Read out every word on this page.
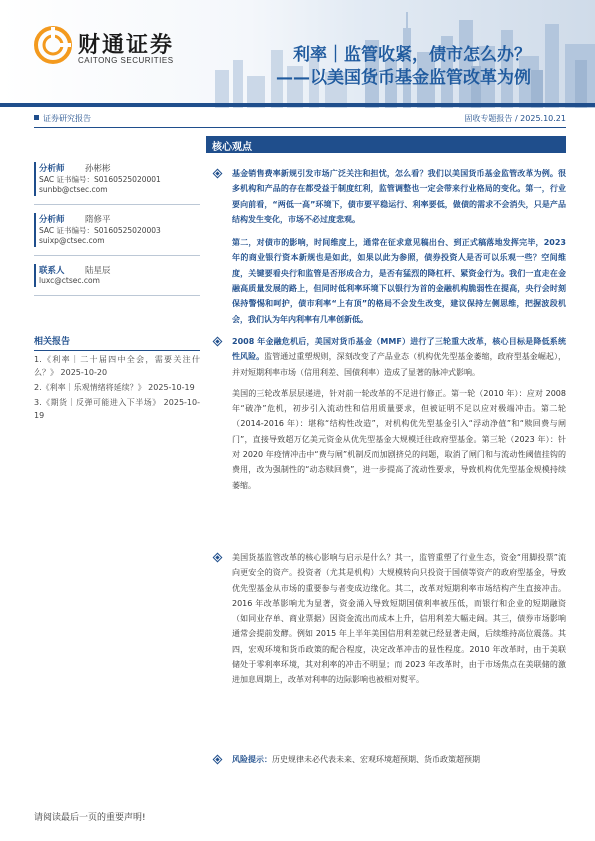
财通证券
CAITONG SECURITIES	利率｜监管收紧，债市怎么办？
——以美国货币基金监管改革为例
证券研究报告	固收专题报告 / 2025.10.21
分析师 孙彬彬
SAC 证书编号：S0160525020001
sunbb@ctsec.com
分析师 隋修平
SAC 证书编号：S0160525020003
suixp@ctsec.com
联系人 陆星辰
luxc@ctsec.com
相关报告
1.《利率｜二十届四中全会，需要关注什么？》 2025-10-20
2.《利率｜乐观情绪将延续？》 2025-10-19
3.《期货｜反弹可能进入下半场》 2025-10-19
核心观点
基金销售费率新规引发市场广泛关注和担忧，怎么看？我们以美国货币基金监管改革为例。很多机构和产品的存在都受益于制度红利，监管调整也一定会带来行业格局的变化。第一，行业要向前看，“两低一高”环境下，债市要平稳运行、利率要低，做债的需求不会消失，只是产品结构发生变化，市场不必过度悲观。
第二，对债市的影响，时间维度上，通常在征求意见稿出台、到正式稿落地发挥完毕，2023 年的商业银行资本新规也是如此，如果以此为参照，债券投资人是否可以乐观一些？空间维度，关键要看央行和监管是否形成合力，是否有猛烈的降杠杆、紧资金行为。我们一直走在金融高质量发展的路上，但同时低利率环境下以银行为首的金融机构脆弱性在提高，央行会时刻保持警惕和呵护，债市利率“上有顶”的格局不会发生改变，建议保持左侧思维，把握波段机会，我们认为年内利率有几率创新低。
2008 年金融危机后，美国对货币基金（MMF）进行了三轮重大改革，核心目标是降低系统性风险。监管通过重塑规则，深刻改变了产品业态（机构优先型基金萎缩，政府型基金崛起），并对短期利率市场（信用利差、国债利率）造成了显著的脉冲式影响。
美国的三轮改革层层递进，针对前一轮改革的不足进行修正。第一轮（2010 年）：应对 2008 年“破净”危机，初步引入流动性和信用质量要求，但被证明不足以应对极端冲击。第二轮（2014-2016 年）：堪称“结构性改造”，对机构优先型基金引入“浮动净值”和“赎回费与闸门”，直接导致超万亿美元资金从优先型基金大规模迁往政府型基金。第三轮（2023 年）：针对 2020 年疫情冲击中“费与闸”机制反而加剧挤兑的问题，取消了闸门和与流动性阈值挂钩的费用，改为强制性的“动态赎回费”，进一步提高了流动性要求，导致机构优先型基金规模持续萎缩。
美国货基监管改革的核心影响与启示是什么？其一，监管重塑了行业生态，资金“用脚投票”流向更安全的资产。投资者（尤其是机构）大规模转向只投资于国债等资产的政府型基金，导致优先型基金从市场的重要参与者变成边缘化。其二，改革对短期利率市场结构产生直接冲击。2016 年改革影响尤为显著，资金涌入导致短期国债利率被压低，而银行和企业的短期融资（如同业存单、商业票据）因资金流出而成本上升，信用利差大幅走阔。其三，债券市场影响通常会提前发酵。例如 2015 年上半年美国信用利差就已经显著走阔，后续维持高位震荡。其四，宏观环境和货币政策的配合程度，决定改革冲击的显性程度。2010 年改革时，由于美联储处于零利率环境，其对利率的冲击不明显；而 2023 年改革时，由于市场焦点在美联储的激进加息周期上，改革对利率的边际影响也被相对熨平。
风险提示：历史规律未必代表未来、宏观环境超预期、货币政策超预期
请阅读最后一页的重要声明!
